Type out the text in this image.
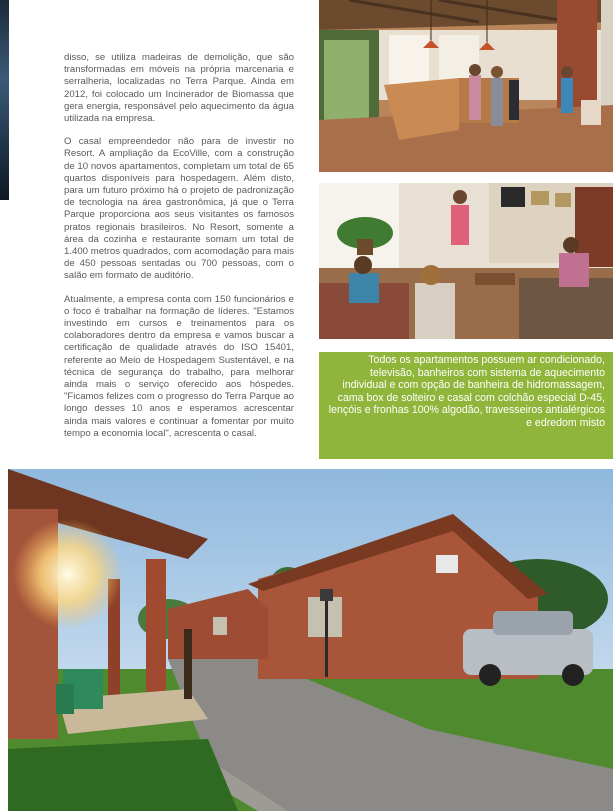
disso, se utiliza madeiras de demolição, que são transformadas em móveis na própria marcenaria e serralheria, localizadas no Terra Parque. Ainda em 2012, foi colocado um Incinerador de Biomassa que gera energia, responsável pelo aquecimento da água utilizada na empresa.

O casal empreendedor não para de investir no Resort. A ampliação da EcoVille, com a construção de 10 novos apartamentos, completam um total de 65 quartos disponíveis para hospedagem. Além disto, para um futuro próximo há o projeto de padronização de tecnologia na área gastronômica, já que o Terra Parque proporciona aos seus visitantes os famosos pratos regionais brasileiros. No Resort, somente a área da cozinha e restaurante somam um total de 1.400 metros quadrados, com acomodação para mais de 450 pessoas sentadas ou 700 pessoas, com o salão em formato de auditório.

Atualmente, a empresa conta com 150 funcionários e o foco é trabalhar na formação de líderes. "Estamos investindo em cursos e treinamentos para os colaboradores dentro da empresa e vamos buscar a certificação de qualidade através do ISO 15401, referente ao Meio de Hospedagem Sustentável, e na técnica de segurança do trabalho, para melhorar ainda mais o serviço oferecido aos hóspedes. "Ficamos felizes com o progresso do Terra Parque ao longo desses 10 anos e esperamos acrescentar ainda mais valores e continuar a fomentar por muito tempo a economia local", acrescenta o casal.

Todos os apartamentos possuem ar condicionado, televisão, banheiros com sistema de aquecimento individual e com opção de banheira de hidromassagem, cama box de solteiro e casal com colchão especial D-45, lençóis e fronhas 100% algodão, travesseiros antialérgicos e edredom misto
